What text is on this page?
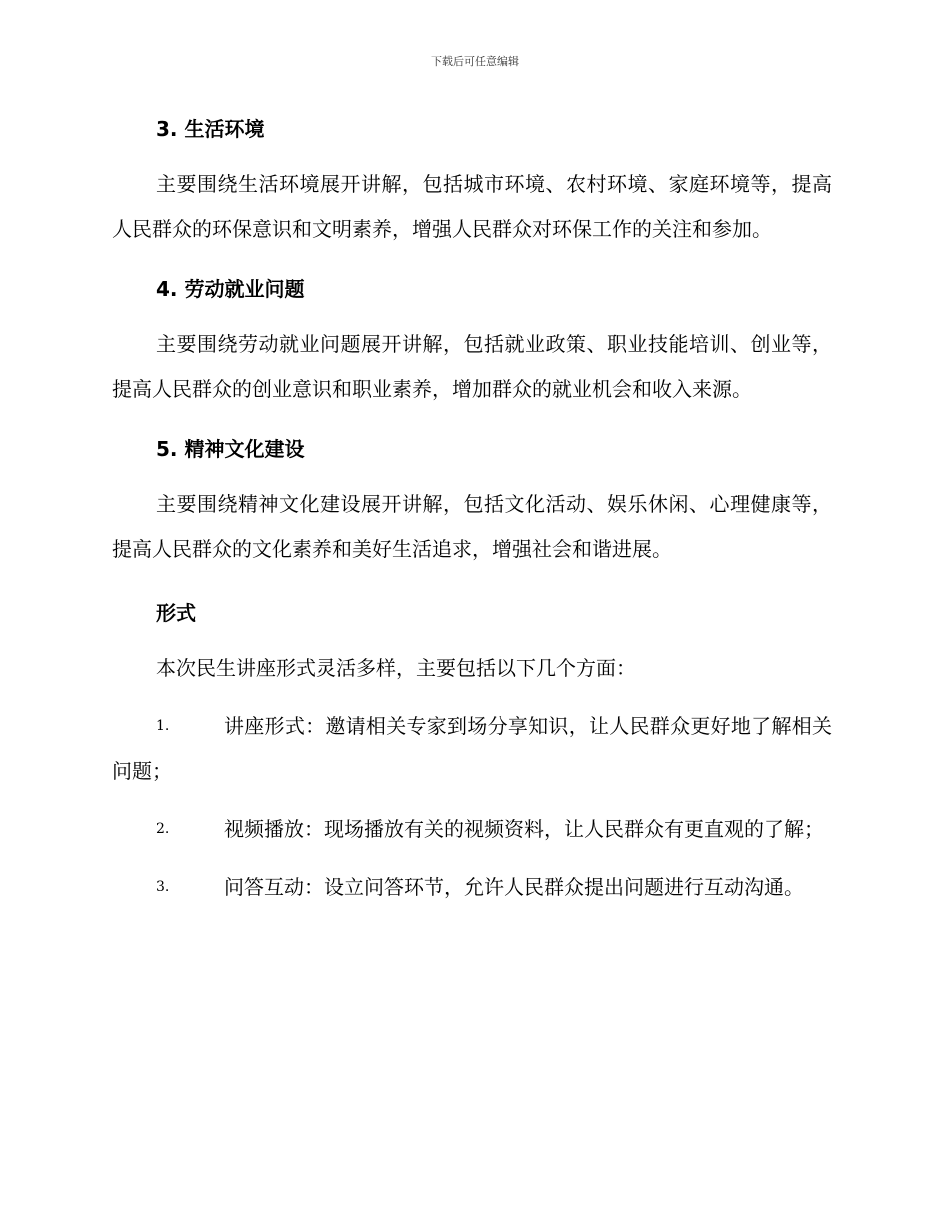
下载后可任意编辑
3. 生活环境

主要围绕生活环境展开讲解，包括城市环境、农村环境、家庭环境等，提高人民群众的环保意识和文明素养，增强人民群众对环保工作的关注和参加。

4. 劳动就业问题

主要围绕劳动就业问题展开讲解，包括就业政策、职业技能培训、创业等，提高人民群众的创业意识和职业素养，增加群众的就业机会和收入来源。

5. 精神文化建设

主要围绕精神文化建设展开讲解，包括文化活动、娱乐休闲、心理健康等，提高人民群众的文化素养和美好生活追求，增强社会和谐进展。

形式

本次民生讲座形式灵活多样，主要包括以下几个方面：

1.	讲座形式：邀请相关专家到场分享知识，让人民群众更好地了解相关问题；
2.	视频播放：现场播放有关的视频资料，让人民群众有更直观的了解；
3.	问答互动：设立问答环节，允许人民群众提出问题进行互动沟通。
